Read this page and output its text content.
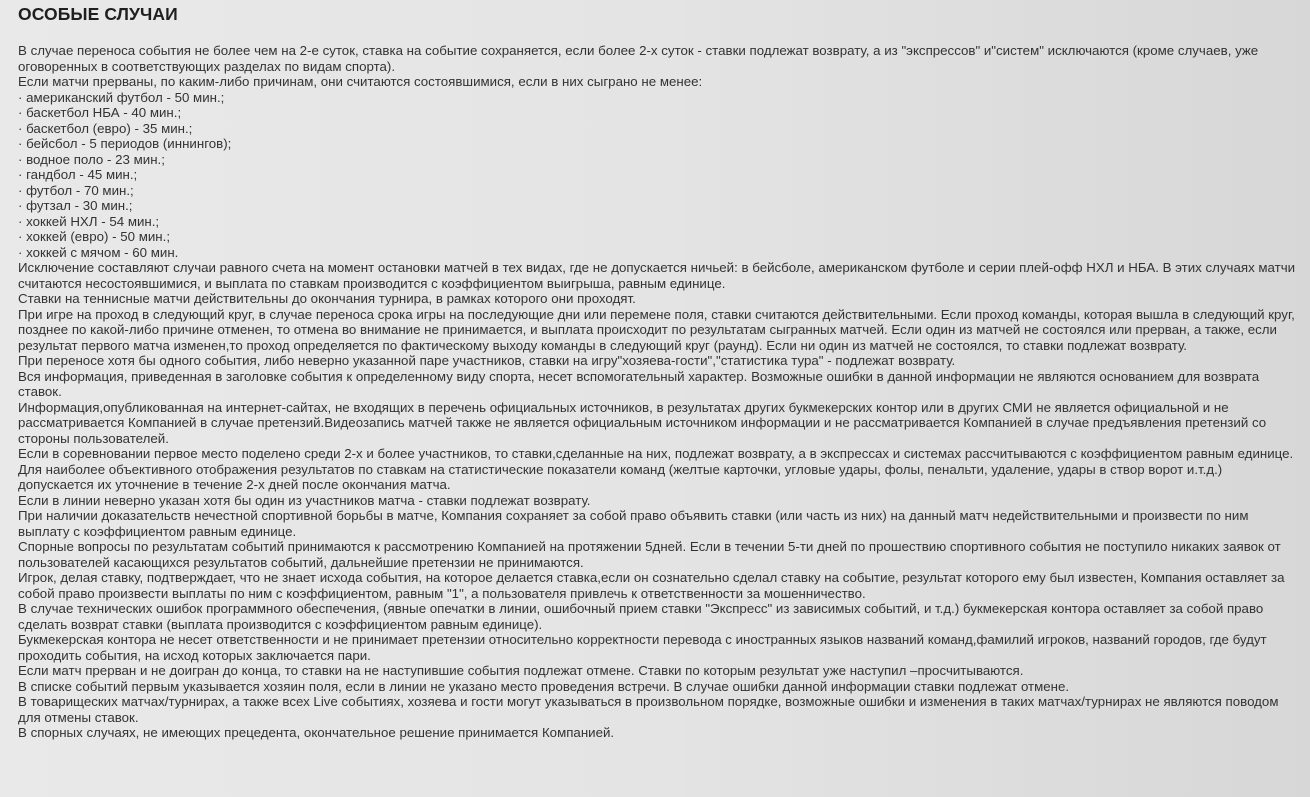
ОСОБЫЕ СЛУЧАИ

В случае переноса события не более чем на 2-е суток, ставка на событие сохраняется, если более 2-х суток - ставки подлежат возврату, а из "экспрессов" и"систем" исключаются (кроме случаев, уже оговоренных в соответствующих разделах по видам спорта).

Если матчи прерваны, по каким-либо причинам, они считаются состоявшимися, если в них сыграно не менее:

· американский футбол - 50 мин.;

· баскетбол НБА - 40 мин.;

· баскетбол (евро) - 35 мин.;

· бейсбол - 5 периодов (иннингов);

· водное поло - 23 мин.;

· гандбол - 45 мин.;

· футбол - 70 мин.;

· футзал - 30 мин.;

· хоккей НХЛ - 54 мин.;

· хоккей (евро) - 50 мин.;

· хоккей с мячом - 60 мин.

Исключение составляют случаи равного счета на момент остановки матчей в тех видах, где не допускается ничьей: в бейсболе, американском футболе и серии плей-офф НХЛ и НБА. В этих случаях матчи считаются несостоявшимися, и выплата по ставкам производится с коэффициентом выигрыша, равным единице.

Ставки на теннисные матчи действительны до окончания турнира, в рамках которого они проходят.

При игре на проход в следующий круг, в случае переноса срока игры на последующие дни или перемене поля, ставки считаются действительными. Если проход команды, которая вышла в следующий круг, позднее по какой-либо причине отменен, то отмена во внимание не принимается, и выплата происходит по результатам сыгранных матчей. Если один из матчей не состоялся или прерван, а также, если результат первого матча изменен,то проход определяется по фактическому выходу команды в следующий круг (раунд). Если ни один из матчей не состоялся, то ставки подлежат возврату.

При переносе хотя бы одного события, либо неверно указанной паре участников, ставки на игру"хозяева-гости","статистика тура" - подлежат возврату.

Вся информация, приведенная в заголовке события к определенному виду спорта, несет вспомогательный характер. Возможные ошибки в данной информации не являются основанием для возврата ставок.

Информация,опубликованная на интернет-сайтах, не входящих в перечень официальных источников, в результатах других букмекерских контор или в других СМИ не является официальной и не рассматривается Компанией в случае претензий.Видеозапись матчей также не является официальным источником информации и не рассматривается Компанией в случае предъявления претензий со стороны пользователей.

Если в соревновании первое место поделено среди 2-х и более участников, то ставки,сделанные на них, подлежат возврату, а в экспрессах и системах рассчитываются с коэффициентом равным единице.

Для наиболее объективного отображения результатов по ставкам на статистические показатели команд (желтые карточки, угловые удары, фолы, пенальти, удаление, удары в створ ворот и.т.д.) допускается их уточнение в течение 2-х дней после окончания матча.

Если в линии неверно указан хотя бы один из участников матча - ставки подлежат возврату.

При наличии доказательств нечестной спортивной борьбы в матче, Компания сохраняет за собой право объявить ставки (или часть из них) на данный матч недействительными и произвести по ним выплату с коэффициентом равным единице.

Спорные вопросы по результатам событий принимаются к рассмотрению Компанией на протяжении 5дней. Если в течении 5-ти дней по прошествию спортивного события не поступило никаких заявок от пользователей касающихся результатов событий, дальнейшие претензии не принимаются.

Игрок, делая ставку, подтверждает, что не знает исхода события, на которое делается ставка,если он сознательно сделал ставку на событие, результат которого ему был известен, Компания оставляет за собой право произвести выплаты по ним с коэффициентом, равным "1", а пользователя привлечь к ответственности за мошенничество.

В случае технических ошибок программного обеспечения, (явные опечатки в линии, ошибочный прием ставки "Экспресс" из зависимых событий, и т.д.) букмекерская контора оставляет за собой право сделать возврат ставки (выплата производится с коэффициентом равным единице).

Букмекерская контора не несет ответственности и не принимает претензии относительно корректности перевода с иностранных языков названий команд,фамилий игроков, названий городов, где будут проходить события, на исход которых заключается пари.

Если матч прерван и не доигран до конца, то ставки на не наступившие события подлежат отмене. Ставки по которым результат уже наступил –просчитываются.

В списке событий первым указывается хозяин поля, если в линии не указано место проведения встречи. В случае ошибки данной информации ставки подлежат отмене.

В товарищеских матчах/турнирах, а также всех Live событиях, хозяева и гости могут указываться в произвольном порядке, возможные ошибки и изменения в таких матчах/турнирах не являются поводом для отмены ставок.

В спорных случаях, не имеющих прецедента, окончательное решение принимается Компанией.
